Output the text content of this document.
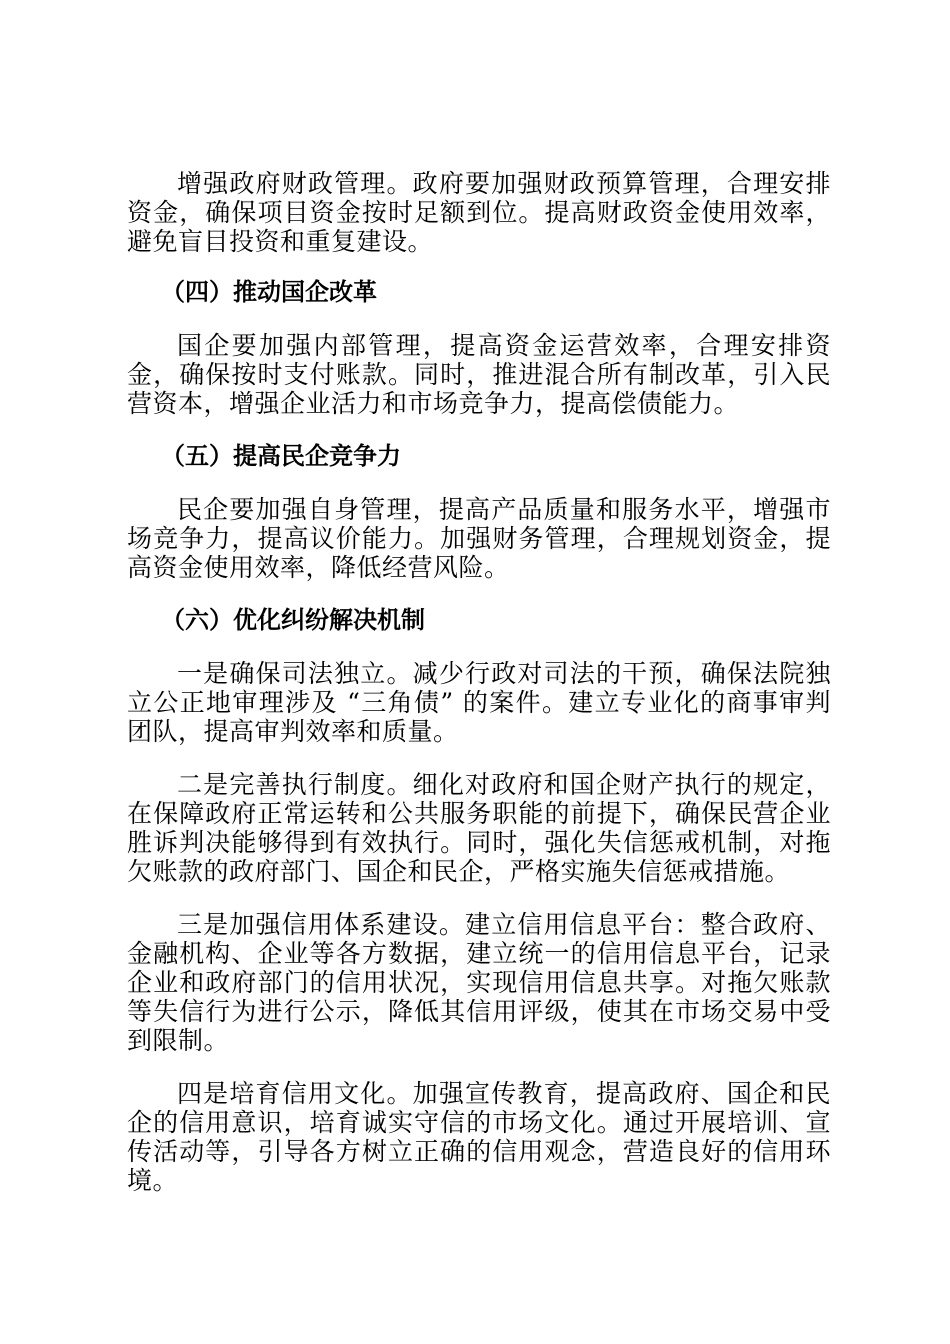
增强政府财政管理。政府要加强财政预算管理，合理安排资金，确保项目资金按时足额到位。提高财政资金使用效率，避免盲目投资和重复建设。

（四）推动国企改革

国企要加强内部管理，提高资金运营效率，合理安排资金，确保按时支付账款。同时，推进混合所有制改革，引入民营资本，增强企业活力和市场竞争力，提高偿债能力。

（五）提高民企竞争力

民企要加强自身管理，提高产品质量和服务水平，增强市场竞争力，提高议价能力。加强财务管理，合理规划资金，提高资金使用效率，降低经营风险。

（六）优化纠纷解决机制

一是确保司法独立。减少行政对司法的干预，确保法院独立公正地审理涉及 “三角债” 的案件。建立专业化的商事审判团队，提高审判效率和质量。

二是完善执行制度。细化对政府和国企财产执行的规定，在保障政府正常运转和公共服务职能的前提下，确保民营企业胜诉判决能够得到有效执行。同时，强化失信惩戒机制，对拖欠账款的政府部门、国企和民企，严格实施失信惩戒措施。

三是加强信用体系建设。建立信用信息平台：整合政府、金融机构、企业等各方数据，建立统一的信用信息平台，记录企业和政府部门的信用状况，实现信用信息共享。对拖欠账款等失信行为进行公示，降低其信用评级，使其在市场交易中受到限制。

四是培育信用文化。加强宣传教育，提高政府、国企和民企的信用意识，培育诚实守信的市场文化。通过开展培训、宣传活动等，引导各方树立正确的信用观念，营造良好的信用环境。
